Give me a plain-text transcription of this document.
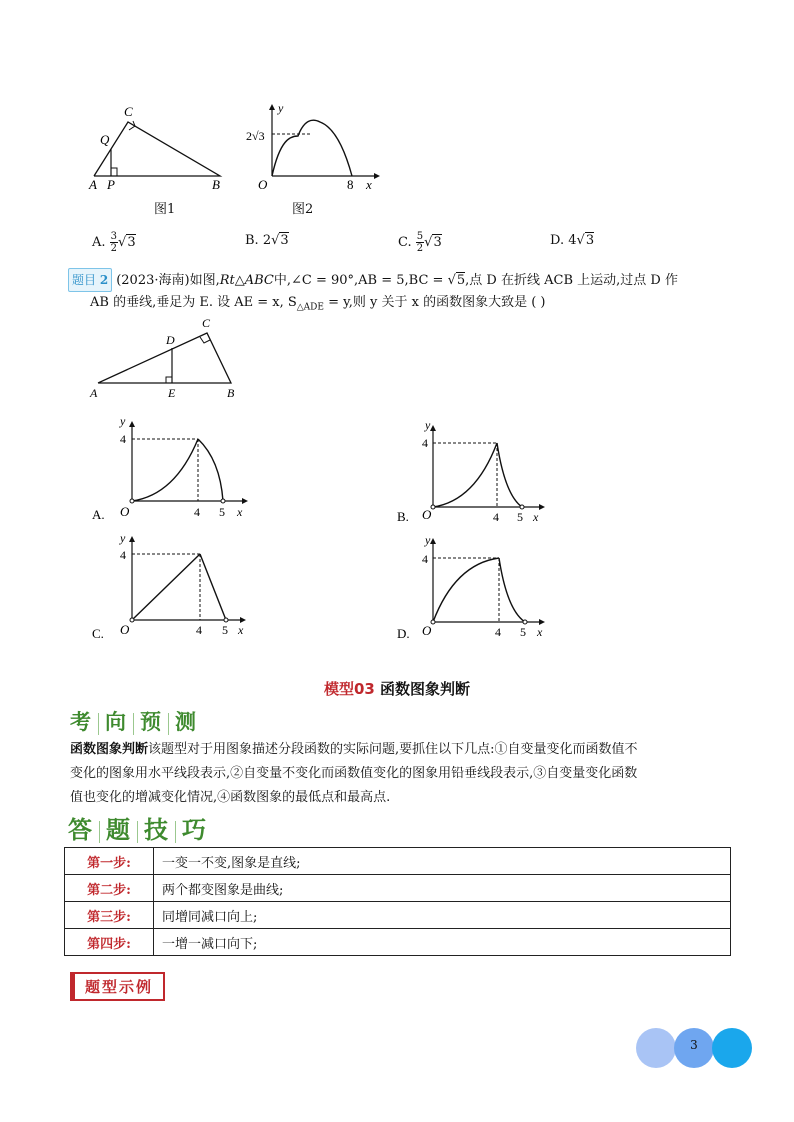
C
Q
A P	B
图1
y
2√3
O	8 x
图2
A. $\frac{3}{2} √3$	B. 2√3	C. $\frac{5}{2} √3$	D. 4√3
题目 2 (2023·海南)如图,Rt△ABC中,∠C = 90°,AB = 5,BC = √5,点 D 在折线 ACB 上运动,过点 D 作
AB 的垂线,垂足为 E. 设 AE = x, $S_{\triangle ADE} = y$,则 y 关于 x 的函数图象大致是 ( )
C
D
A	E	B
A.
y
4
O	4 5 x	B.
y
4
O	4 5 x
C.
y
4
O	4 5 x	D.
y
4
O	4 5 x
模型03 函数图象判断
考 向 预 测
函数图象判断该题型对于用图象描述分段函数的实际问题,要抓住以下几点:①自变量变化而函数值不
变化的图象用水平线段表示,②自变量不变化而函数值变化的图象用铅垂线段表示,③自变量变化函数
值也变化的增减变化情况,④函数图象的最低点和最高点.
答 题 技 巧
第一步:	一变一不变,图象是直线;
第二步:	两个都变图象是曲线;
第三步:	同增同减口向上;
第四步:	一增一减口向下;
题型示例
3
